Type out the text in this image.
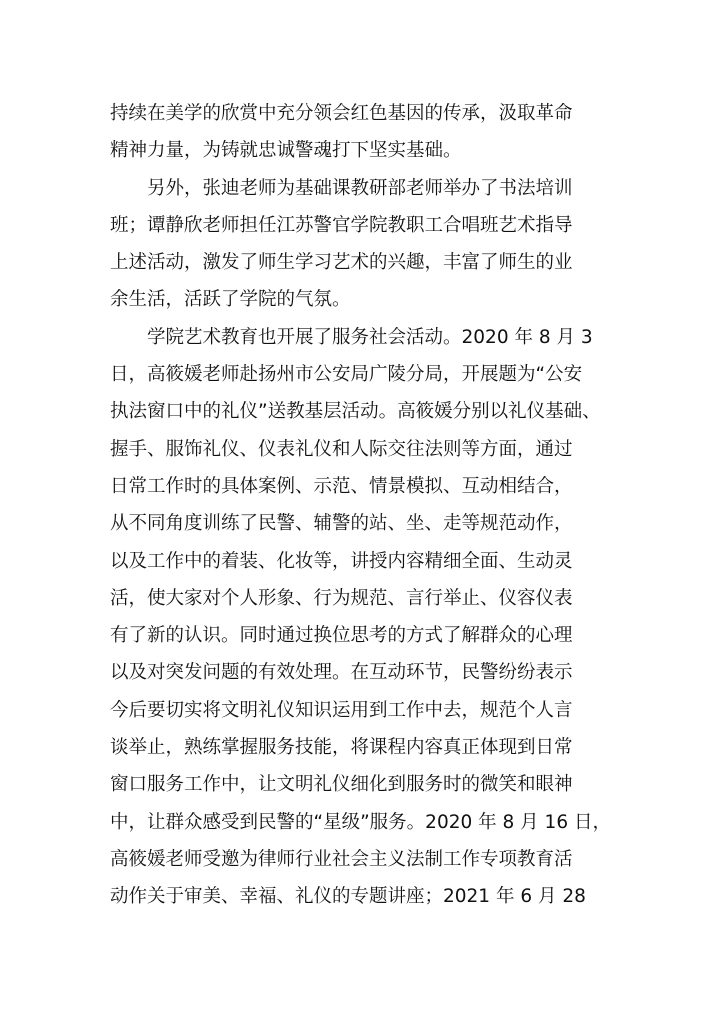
持续在美学的欣赏中充分领会红色基因的传承，汲取革命
精神力量，为铸就忠诚警魂打下坚实基础。
　　另外，张迪老师为基础课教研部老师举办了书法培训
班；谭静欣老师担任江苏警官学院教职工合唱班艺术指导
上述活动，激发了师生学习艺术的兴趣，丰富了师生的业
余生活，活跃了学院的气氛。
　　学院艺术教育也开展了服务社会活动。2020 年 8 月 3
日，高筱媛老师赴扬州市公安局广陵分局，开展题为“公安
执法窗口中的礼仪”送教基层活动。高筱媛分别以礼仪基础、
握手、服饰礼仪、仪表礼仪和人际交往法则等方面，通过
日常工作时的具体案例、示范、情景模拟、互动相结合，
从不同角度训练了民警、辅警的站、坐、走等规范动作，
以及工作中的着装、化妆等，讲授内容精细全面、生动灵
活，使大家对个人形象、行为规范、言行举止、仪容仪表
有了新的认识。同时通过换位思考的方式了解群众的心理
以及对突发问题的有效处理。在互动环节，民警纷纷表示
今后要切实将文明礼仪知识运用到工作中去，规范个人言
谈举止，熟练掌握服务技能，将课程内容真正体现到日常
窗口服务工作中，让文明礼仪细化到服务时的微笑和眼神
中，让群众感受到民警的“星级”服务。2020 年 8 月 16 日，
高筱媛老师受邀为律师行业社会主义法制工作专项教育活
动作关于审美、幸福、礼仪的专题讲座；2021 年 6 月 28
